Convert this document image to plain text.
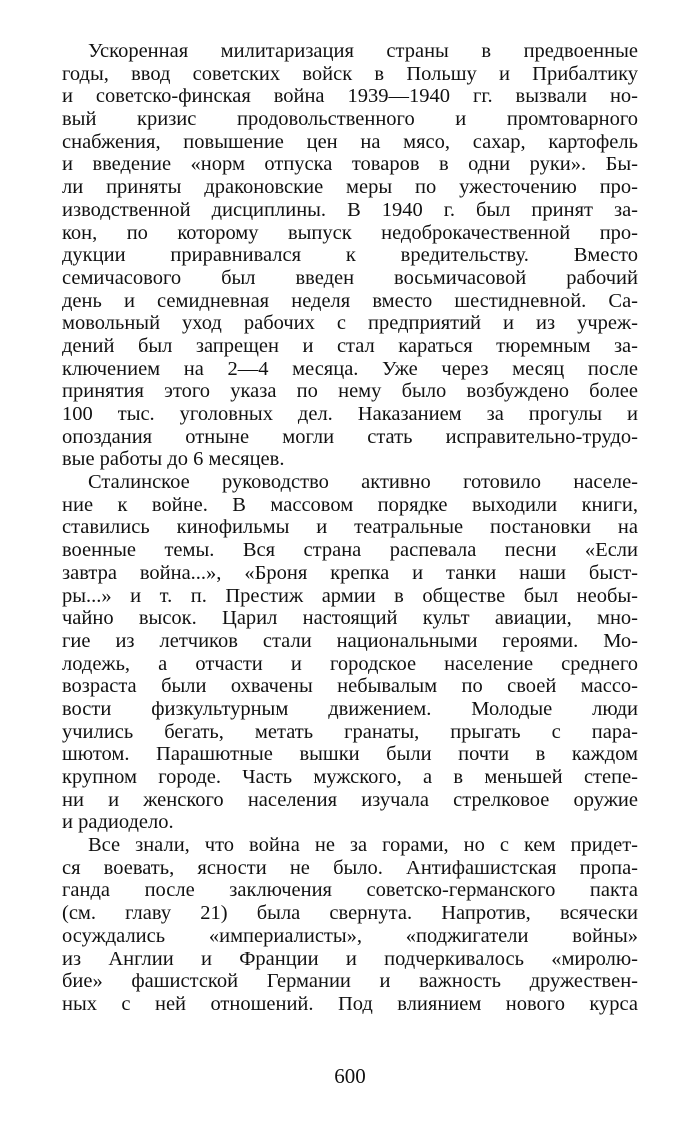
Ускоренная милитаризация страны в предвоенные
годы, ввод советских войск в Польшу и Прибалтику
и советско-финская война 1939—1940 гг. вызвали но-
вый кризис продовольственного и промтоварного
снабжения, повышение цен на мясо, сахар, картофель
и введение «норм отпуска товаров в одни руки». Бы-
ли приняты драконовские меры по ужесточению про-
изводственной дисциплины. В 1940 г. был принят за-
кон, по которому выпуск недоброкачественной про-
дукции приравнивался к вредительству. Вместо
семичасового был введен восьмичасовой рабочий
день и семидневная неделя вместо шестидневной. Са-
мовольный уход рабочих с предприятий и из учреж-
дений был запрещен и стал караться тюремным за-
ключением на 2—4 месяца. Уже через месяц после
принятия этого указа по нему было возбуждено более
100 тыс. уголовных дел. Наказанием за прогулы и
опоздания отныне могли стать исправительно-трудо-
вые работы до 6 месяцев.
Сталинское руководство активно готовило населе-
ние к войне. В массовом порядке выходили книги,
ставились кинофильмы и театральные постановки на
военные темы. Вся страна распевала песни «Если
завтра война...», «Броня крепка и танки наши быст-
ры...» и т. п. Престиж армии в обществе был необы-
чайно высок. Царил настоящий культ авиации, мно-
гие из летчиков стали национальными героями. Мо-
лодежь, а отчасти и городское население среднего
возраста были охвачены небывалым по своей массо-
вости физкультурным движением. Молодые люди
учились бегать, метать гранаты, прыгать с пара-
шютом. Парашютные вышки были почти в каждом
крупном городе. Часть мужского, а в меньшей степе-
ни и женского населения изучала стрелковое оружие
и радиодело.
Все знали, что война не за горами, но с кем придет-
ся воевать, ясности не было. Антифашистская пропа-
ганда после заключения советско-германского пакта
(см. главу 21) была свернута. Напротив, всячески
осуждались «империалисты», «поджигатели войны»
из Англии и Франции и подчеркивалось «миролю-
бие» фашистской Германии и важность дружествен-
ных с ней отношений. Под влиянием нового курса
600
